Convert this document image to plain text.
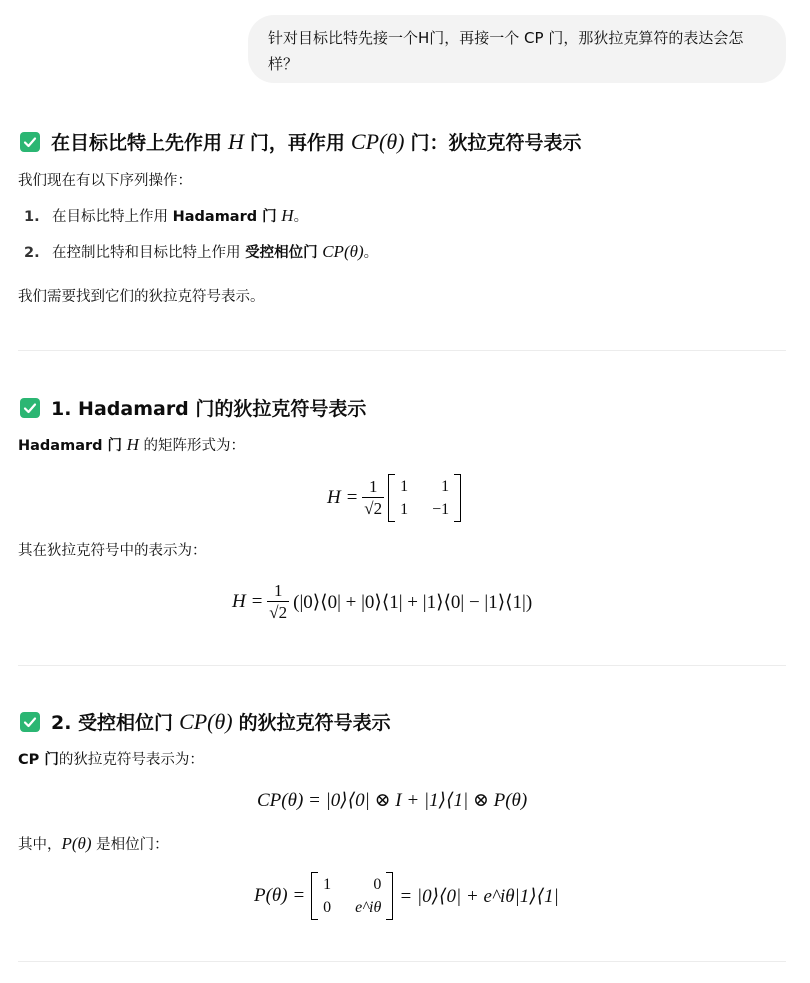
针对目标比特先接一个H门，再接一个 CP 门，那狄拉克算符的表达会怎样？
在目标比特上先作用 H 门，再作用 CP(θ) 门：狄拉克符号表示
我们现在有以下序列操作：
1. 在目标比特上作用 Hadamard 门 H。
2. 在控制比特和目标比特上作用 受控相位门 CP(θ)。
我们需要找到它们的狄拉克符号表示。
1. Hadamard 门的狄拉克符号表示
Hadamard 门 H 的矩阵形式为：
$H = \frac{1}{√2} 1$	1
1 −1
其在狄拉克符号中的表示为：
$H = \frac{1}{√2}$ (|0⟩⟨0| + |0⟩⟨1| + |1⟩⟨0| − |1⟩⟨1|)
2. 受控相位门 CP(θ) 的狄拉克符号表示
CP 门的狄拉克符号表示为：
CP(θ) = |0⟩⟨0| ⊗ I + |1⟩⟨1| ⊗ P(θ)
其中，P(θ) 是相位门：
P(θ) =
1	0
0 e^iθ
= |0⟩⟨0| + e^iθ|1⟩⟨1|
